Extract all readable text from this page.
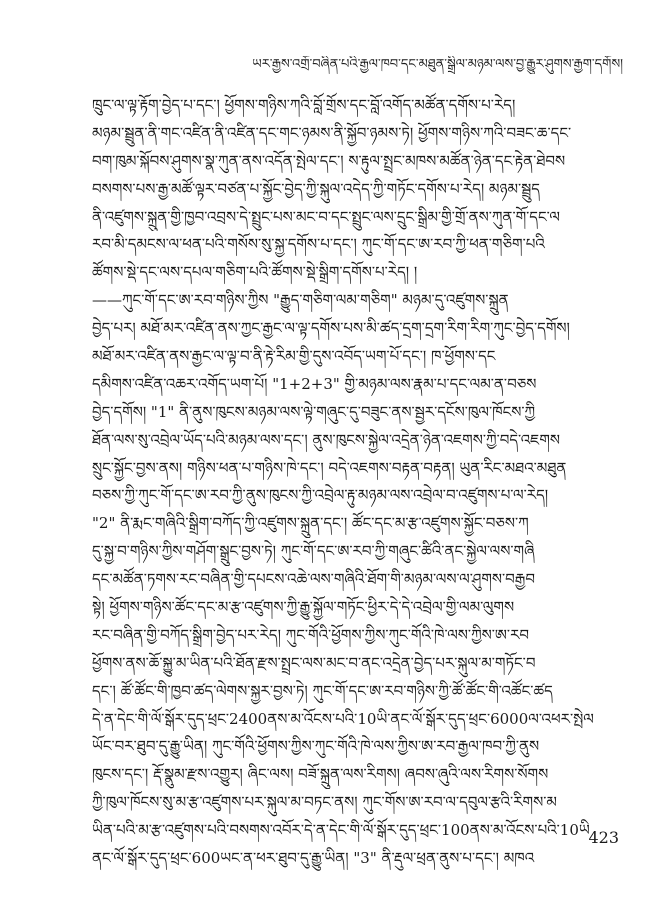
ཡར་རྒྱས་འགྲོ་བཞིན་པའི་རྒྱལ་ཁབ་དང་མཐུན་སྒྲིལ་མཉམ་ལས་བྱ་རྒྱུར་ཤུགས་རྒྱག་དགོས།
ཁྲུང་ལ་ལྟ་རྟོག་བྱེད་པ་དང་། ཕྱོགས་གཉིས་ཀའི་བློ་གྲོས་དང་བློ་འགོད་མཚོན་དགོས་པ་རེད།
མཉམ་སྦྲུན་ནི་གང་འཛིན་ནི་འཛིན་དང་གང་ཉམས་ནི་སྐྱོབ་ཉམས་ཏེ། ཕྱོགས་གཉིས་ཀའི་བཟང་ཆ་དང་
བག་ཁུམ་སྐོབས་ཤུགས་སྣ་ཀུན་ནས་འདོན་སྤེལ་དང་། ས་རྟུལ་སྤྲང་མཁས་མཚོན་ཉེན་དང་རྟེན་ཐེབས
བསགས་པས་རྒྱ་མཚོ་ལྟར་བཙན་པ་སྐྱོང་བྱེད་ཀྱི་སྐུལ་འདེད་ཀྱི་གཏོང་དགོས་པ་རེད། མཉམ་སྦྲུད
ནི་འཛུགས་སྐྲུན་གྱི་ཁྱབ་འབྲས་དེ་སྤྲུང་པས་མང་བ་དང་སྤྲུང་ལས་དྲུང་སྒྲིམ་གྱི་གྲོ་ནས་ཀུན་གོ་དང་ལ
རབ་མི་དམངས་ལ་ཕན་པའི་གསོས་སུ་སྐྱ་དགོས་པ་དང་། ཀུང་གོ་དང་ཨ་རབ་ཀྱི་ཕན་གཅིག་པའི
ཚོགས་སྡེ་དང་ལས་དཔལ་གཅིག་པའི་ཚོགས་སྡེ་སྒྲིག་དགོས་པ་རེད། །
——ཀུང་གོ་དང་ཨ་རབ་གཉིས་ཀྱིས "རྒྱུད་གཅིག་ལམ་གཅིག" མཉམ་དུ་འཛུགས་སྐྲུན
བྱེད་པར། མཐོ་མར་འཛིན་ནས་ཀྱང་རྒྱང་ལ་ལྟ་དགོས་པས་མི་ཚད་དྲག་དྲག་རིག་རིག་ཀུང་བྱེད་དགོས།
མཐོ་མར་འཛིན་ནས་རྒྱང་ལ་ལྟ་བ་ནི་རྟེ་རིམ་གྱི་དུས་འབོད་ཡག་པོ་དང་། ཁ་ཕྱོགས་དང
དམིགས་འཛིན་འཆར་འགོད་ཡག་པོ། "1+2+3" གྱི་མཉམ་ལས་རྣམ་པ་དང་ལམ་ན་བཅས
བྱེད་དགོས། "1" ནི་ནུས་ཁུངས་མཉམ་ལས་ལྟེ་གཞུང་དུ་བཟུང་ནས་སྦྱར་དངོས་ཁུལ་ཁོངས་ཀྱི
ཐོན་ལས་སུ་འབྲེལ་ཡོད་པའི་མཉམ་ལས་དང་། ནུས་ཁུངས་སྐྱེལ་འདྲེན་ཉེན་འཇགས་ཀྱི་བདེ་འཇགས
སྲུང་སྐྱོང་བྱས་ནས། གཉིས་ཕན་པ་གཉིས་ཁེ་དང་། བདེ་འཇགས་བརྟན་བརྟན། ཡུན་རིང་མཐའ་མཐུན
བཅས་ཀྱི་ཀུང་གོ་དང་ཨ་རབ་ཀྱི་ནུས་ཁུངས་ཀྱི་འབྲེལ་རྟུ་མཉམ་ལས་འབྲེལ་བ་འཛུགས་པ་ལ་རེད།
"2" ནི་རྨང་གཞིའི་སྒྲིག་བཀོད་ཀྱི་འཛུགས་སྐྲུན་དང་། ཚོང་དང་མ་རྩ་འཛུགས་སྐྱོང་བཅས་ཀ
དུ་སྐྱ་བ་གཉིས་ཀྱིས་གཤོག་སྒྲུང་བྱས་ཏེ། ཀུང་གོ་དང་ཨ་རབ་ཀྱི་གཞུང་ཚིའི་ནང་སྐྱེལ་ལས་གཞི
དང་མཚོན་ཏགས་རང་བཞིན་གྱི་དཔངས་འཆེ་ལས་གཞིའི་ཐོག་གི་མཉམ་ལས་ལ་ཤུགས་བརྒྱབ
སྟེ། ཕྱོགས་གཉིས་ཚོང་དང་མ་རྩ་འཛུགས་ཀྱི་རྒྱུ་སྐྱོལ་གཏོང་ཕྱིར་དེ་དེ་འབྲེལ་གྱི་ལམ་ལུགས
རང་བཞིན་གྱི་བཀོད་སྒྲིག་བྱེད་པར་རེད། ཀུང་གོའི་ཕྱོགས་ཀྱིས་ཀུང་གོའི་ཁེ་ལས་ཀྱིས་ཨ་རབ
ཕྱོགས་ནས་ཆོ་སྐྱུ་མ་ཡིན་པའི་ཐོན་རྫས་སྤྲང་ལས་མང་བ་ནང་འདྲེན་བྱེད་པར་སྐུལ་མ་གཏོང་བ
དང་། ཚོ་ཚོང་གི་ཁྱབ་ཚད་ལེགས་སྐྱར་བྱས་ཏེ། ཀུང་གོ་དང་ཨ་རབ་གཉིས་ཀྱི་ཚོ་ཚོང་གི་འཚོང་ཚད
དེ་ན་དེང་གི་ལོ་སྒོར་དུད་ཕྲང་2400ནས་མ་འོངས་པའི་10ཡི་ནང་ལོ་སྒོར་དུད་ཕྲང་6000ལ་འཕར་སྤེལ
ཡོང་བར་ཐུབ་དུ་རྒྱུ་ཡིན། ཀུང་གོའི་ཕྱོགས་ཀྱིས་ཀུང་གོའི་ཁེ་ལས་ཀྱིས་ཨ་རབ་རྒྱལ་ཁབ་ཀྱི་ནུས
ཁུངས་དང་། རྡོ་སྣུམ་རྫས་འགྱུར། ཞིང་ལས། བཟོ་སྐྲུན་ལས་རིགས། ཞབས་ཞུའི་ལས་རིགས་སོགས
ཀྱི་ཁུལ་ཁོངས་སུ་མ་རྩ་འཛུགས་པར་སྐུལ་མ་བཏང་ནས། ཀུང་གོས་ཨ་རབ་ལ་དབུལ་རྩའི་རིགས་མ
ཡིན་པའི་མ་རྩ་འཛུགས་པའི་བསགས་འབོར་དེ་ན་དེང་གི་ལོ་སྒོར་དུད་ཕྲང་100ནས་མ་འོངས་པའི་10ཡི
ནང་ལོ་སྒོར་དུད་ཕྲང་600ཡང་ན་ཕར་ཐུབ་དུ་རྒྱུ་ཡིན། "3" ནི་རྡུལ་ཕྲན་ནུས་པ་དང་། མཁའ
423
